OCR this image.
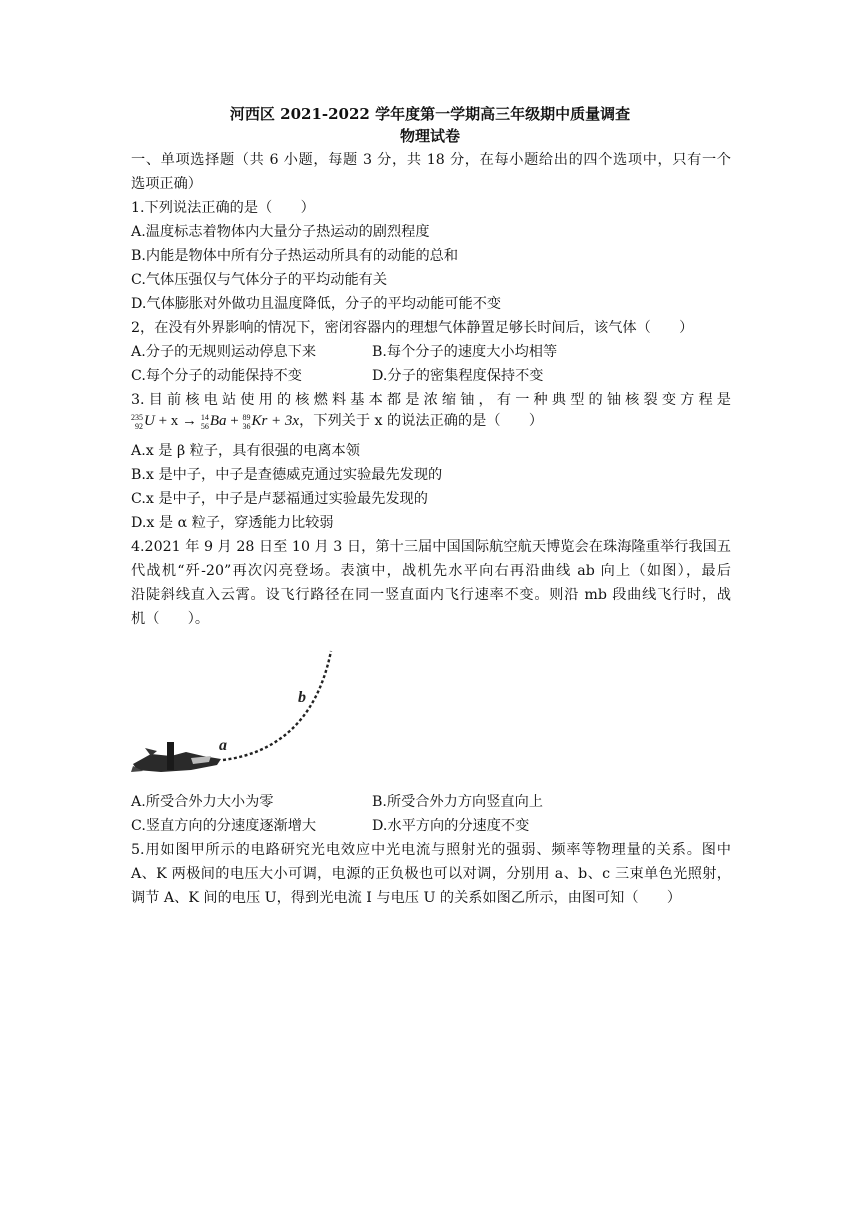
河西区 2021-2022 学年度第一学期高三年级期中质量调查
物理试卷
一、单项选择题（共 6 小题，每题 3 分，共 18 分，在每小题给出的四个选项中，只有一个
选项正确）
1.下列说法正确的是（　　）
A.温度标志着物体内大量分子热运动的剧烈程度
B.内能是物体中所有分子热运动所具有的动能的总和
C.气体压强仅与气体分子的平均动能有关
D.气体膨胀对外做功且温度降低，分子的平均动能可能不变
2，在没有外界影响的情况下，密闭容器内的理想气体静置足够长时间后，该气体（　　）
A.分子的无规则运动停息下来	B.每个分子的速度大小均相等
C.每个分子的动能保持不变	D.分子的密集程度保持不变
3.目前核电站使用的核燃料基本都是浓缩铀，有一种典型的铀核裂变方程是
235
92 U + x → 14
56 Ba + 89
36 Kr + 3x，下列关于 x 的说法正确的是（　　）
A.x 是 β 粒子，具有很强的电离本领
B.x 是中子，中子是查德威克通过实验最先发现的
C.x 是中子，中子是卢瑟福通过实验最先发现的
D.x 是 α 粒子，穿透能力比较弱
4.2021 年 9 月 28 日至 10 月 3 日，第十三届中国国际航空航天博览会在珠海隆重举行我国五
代战机“歼-20”再次闪亮登场。表演中，战机先水平向右再沿曲线 ab 向上（如图），最后
沿陡斜线直入云霄。设飞行路径在同一竖直面内飞行速率不变。则沿 mb 段曲线飞行时，战
机（　　）。
a
b
A.所受合外力大小为零	B.所受合外力方向竖直向上
C.竖直方向的分速度逐渐增大	D.水平方向的分速度不变
5.用如图甲所示的电路研究光电效应中光电流与照射光的强弱、频率等物理量的关系。图中
A、K 两极间的电压大小可调，电源的正负极也可以对调，分别用 a、b、c 三束单色光照射，
调节 A、K 间的电压 U，得到光电流 I 与电压 U 的关系如图乙所示，由图可知（　　）
